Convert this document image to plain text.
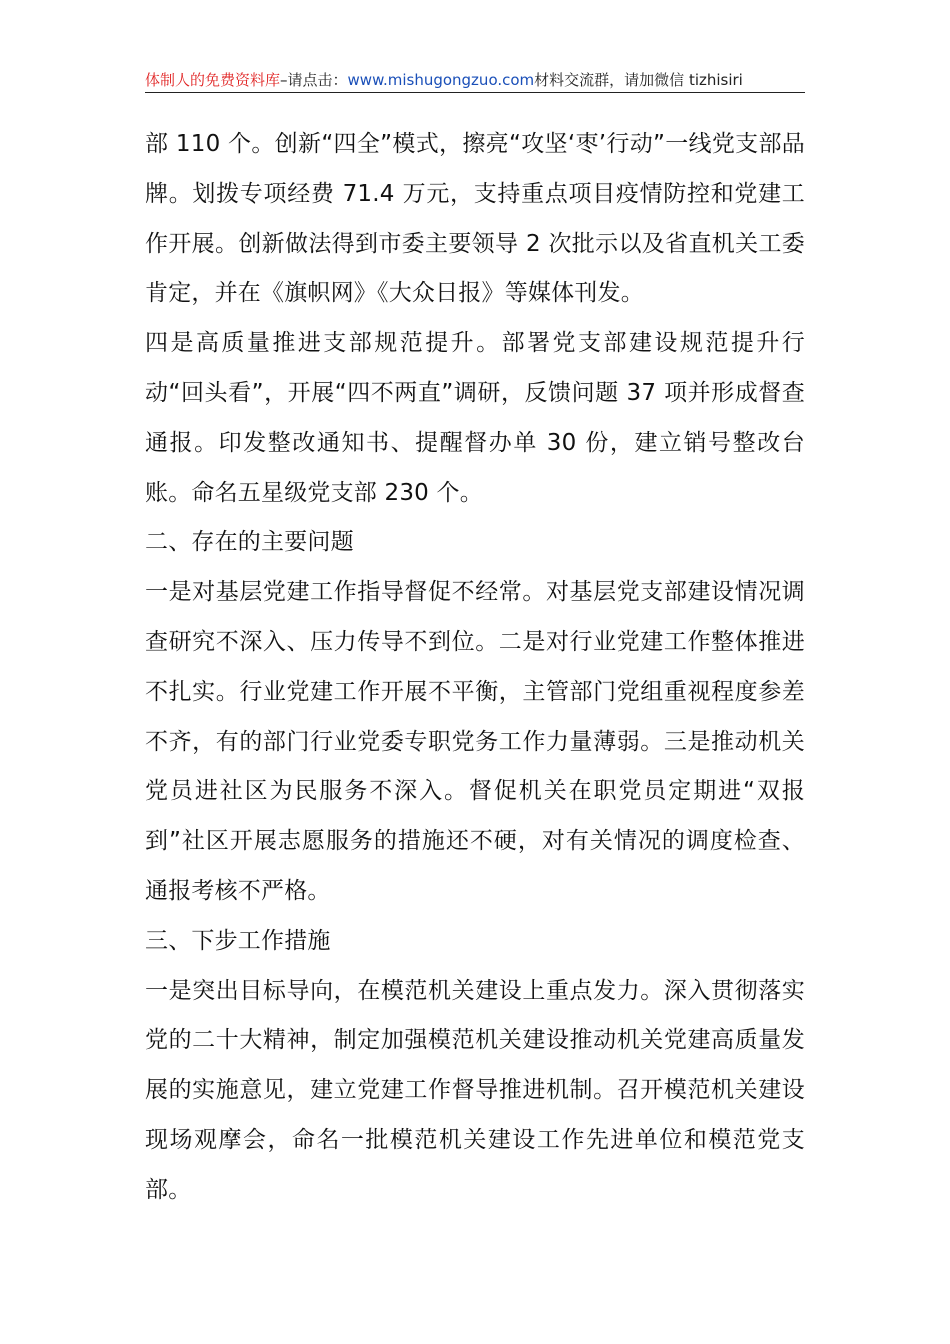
体制人的免费资料库 –请点击： www.mishugongzuo.com 材料交流群，请加微信 tizhisiri

部 110 个。创新“四全”模式，擦亮“攻坚‘枣’行动”一线党支部品牌。划拨专项经费 71.4 万元，支持重点项目疫情防控和党建工作开展。创新做法得到市委主要领导 2 次批示以及省直机关工委肯定，并在《旗帜网》《大众日报》等媒体刊发。

四是高质量推进支部规范提升。部署党支部建设规范提升行动“回头看”，开展“四不两直”调研，反馈问题 37 项并形成督查通报。印发整改通知书、提醒督办单 30 份，建立销号整改台账。命名五星级党支部 230 个。

二、存在的主要问题

一是对基层党建工作指导督促不经常。对基层党支部建设情况调查研究不深入、压力传导不到位。二是对行业党建工作整体推进不扎实。行业党建工作开展不平衡，主管部门党组重视程度参差不齐，有的部门行业党委专职党务工作力量薄弱。三是推动机关党员进社区为民服务不深入。督促机关在职党员定期进“双报到”社区开展志愿服务的措施还不硬，对有关情况的调度检查、通报考核不严格。

三、下步工作措施

一是突出目标导向，在模范机关建设上重点发力。深入贯彻落实党的二十大精神，制定加强模范机关建设推动机关党建高质量发展的实施意见，建立党建工作督导推进机制。召开模范机关建设现场观摩会，命名一批模范机关建设工作先进单位和模范党支部。
